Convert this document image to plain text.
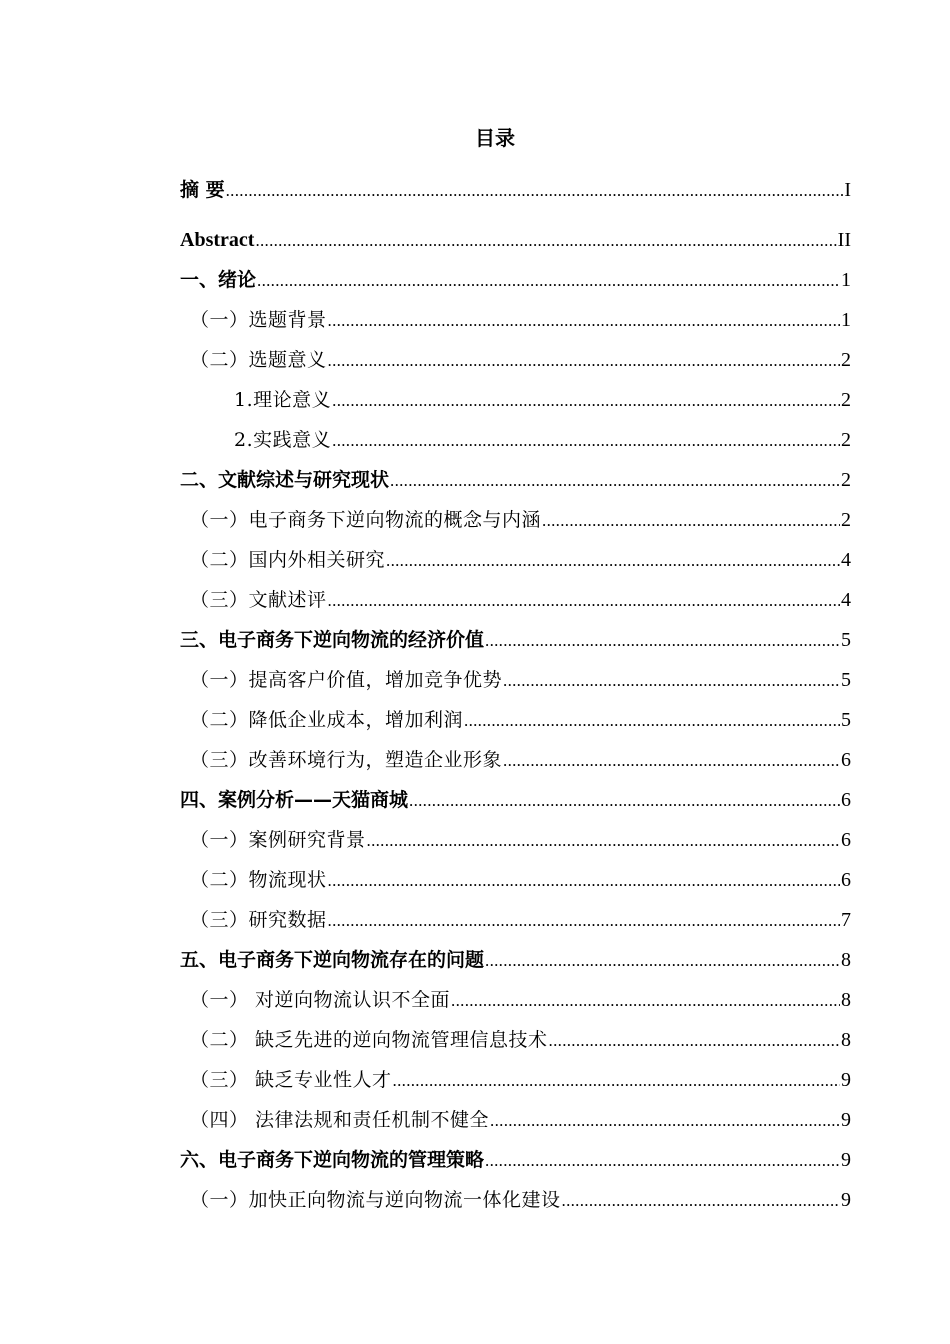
目录
摘 要 .....	I
Abstract .....	II
一、绪论 .....	1
（一）选题背景 .....	1
（二）选题意义 .....	2
1.理论意义 .....	2
2.实践意义 .....	2
二、文献综述与研究现状 .....	2
（一）电子商务下逆向物流的概念与内涵 .....	2
（二）国内外相关研究 .....	4
（三）文献述评 .....	4
三、电子商务下逆向物流的经济价值 .....	5
（一）提高客户价值，增加竞争优势 .....	5
（二）降低企业成本，增加利润 .....	5
（三）改善环境行为，塑造企业形象 .....	6
四、案例分析——天猫商城 .....	6
（一）案例研究背景 .....	6
（二）物流现状 .....	6
（三）研究数据 .....	7
五、电子商务下逆向物流存在的问题 .....	8
（一） 对逆向物流认识不全面 .....	8
（二） 缺乏先进的逆向物流管理信息技术 .....	8
（三） 缺乏专业性人才 .....	9
（四） 法律法规和责任机制不健全 .....	9
六、电子商务下逆向物流的管理策略 .....	9
（一）加快正向物流与逆向物流一体化建设 .....	9
